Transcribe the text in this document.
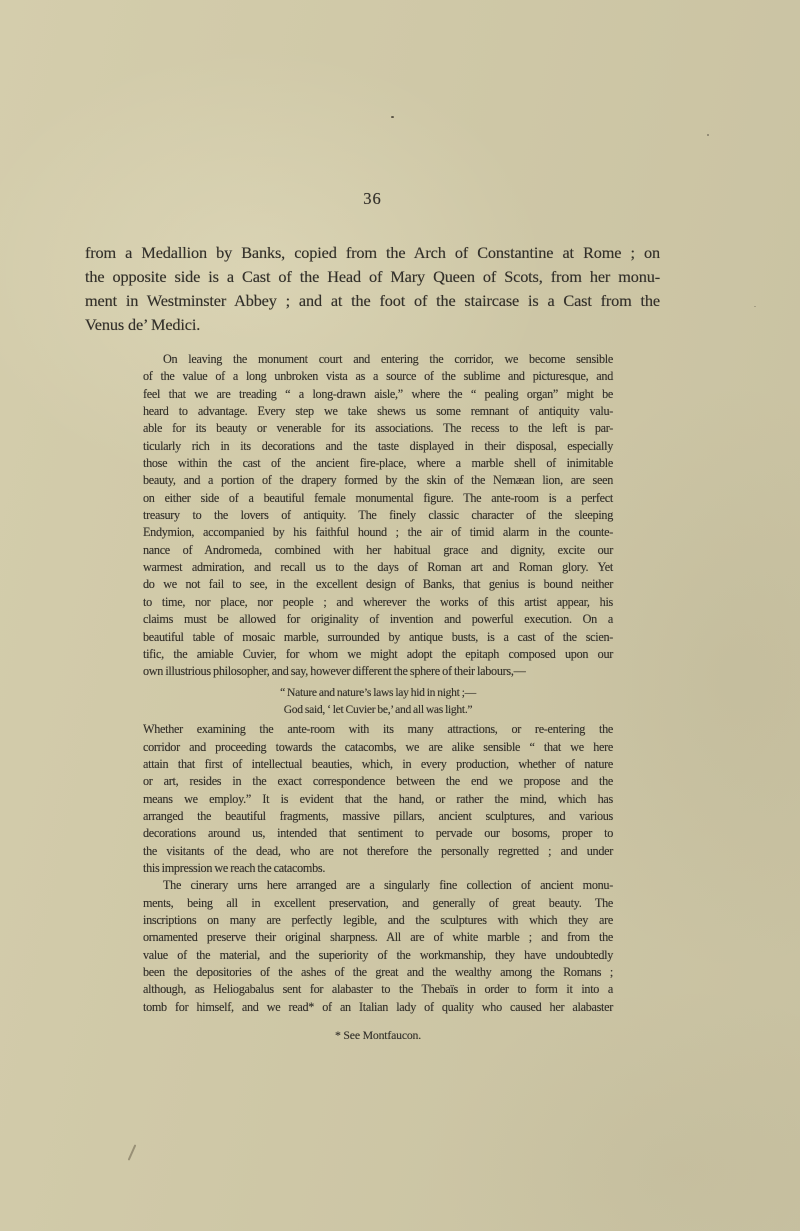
36
from a Medallion by Banks, copied from the Arch of Constantine at Rome ; on
the opposite side is a Cast of the Head of Mary Queen of Scots, from her monu-
ment in Westminster Abbey ; and at the foot of the staircase is a Cast from the
Venus de’ Medici.
On leaving the monument court and entering the corridor, we become sensible
of the value of a long unbroken vista as a source of the sublime and picturesque, and
feel that we are treading “ a long-drawn aisle,” where the “ pealing organ” might be
heard to advantage. Every step we take shews us some remnant of antiquity valu-
able for its beauty or venerable for its associations. The recess to the left is par-
ticularly rich in its decorations and the taste displayed in their disposal, especially
those within the cast of the ancient fire-place, where a marble shell of inimitable
beauty, and a portion of the drapery formed by the skin of the Nemæan lion, are seen
on either side of a beautiful female monumental figure. The ante-room is a perfect
treasury to the lovers of antiquity. The finely classic character of the sleeping
Endymion, accompanied by his faithful hound ; the air of timid alarm in the counte-
nance of Andromeda, combined with her habitual grace and dignity, excite our
warmest admiration, and recall us to the days of Roman art and Roman glory. Yet
do we not fail to see, in the excellent design of Banks, that genius is bound neither
to time, nor place, nor people ; and wherever the works of this artist appear, his
claims must be allowed for originality of invention and powerful execution. On a
beautiful table of mosaic marble, surrounded by antique busts, is a cast of the scien-
tific, the amiable Cuvier, for whom we might adopt the epitaph composed upon our
own illustrious philosopher, and say, however different the sphere of their labours,—
“ Nature and nature’s laws lay hid in night ;—
God said, ‘ let Cuvier be,’ and all was light.”
Whether examining the ante-room with its many attractions, or re-entering the
corridor and proceeding towards the catacombs, we are alike sensible “ that we here
attain that first of intellectual beauties, which, in every production, whether of nature
or art, resides in the exact correspondence between the end we propose and the
means we employ.” It is evident that the hand, or rather the mind, which has
arranged the beautiful fragments, massive pillars, ancient sculptures, and various
decorations around us, intended that sentiment to pervade our bosoms, proper to
the visitants of the dead, who are not therefore the personally regretted ; and under
this impression we reach the catacombs.
The cinerary urns here arranged are a singularly fine collection of ancient monu-
ments, being all in excellent preservation, and generally of great beauty. The
inscriptions on many are perfectly legible, and the sculptures with which they are
ornamented preserve their original sharpness. All are of white marble ; and from the
value of the material, and the superiority of the workmanship, they have undoubtedly
been the depositories of the ashes of the great and the wealthy among the Romans ;
although, as Heliogabalus sent for alabaster to the Thebaïs in order to form it into a
tomb for himself, and we read* of an Italian lady of quality who caused her alabaster
* See Montfaucon.
